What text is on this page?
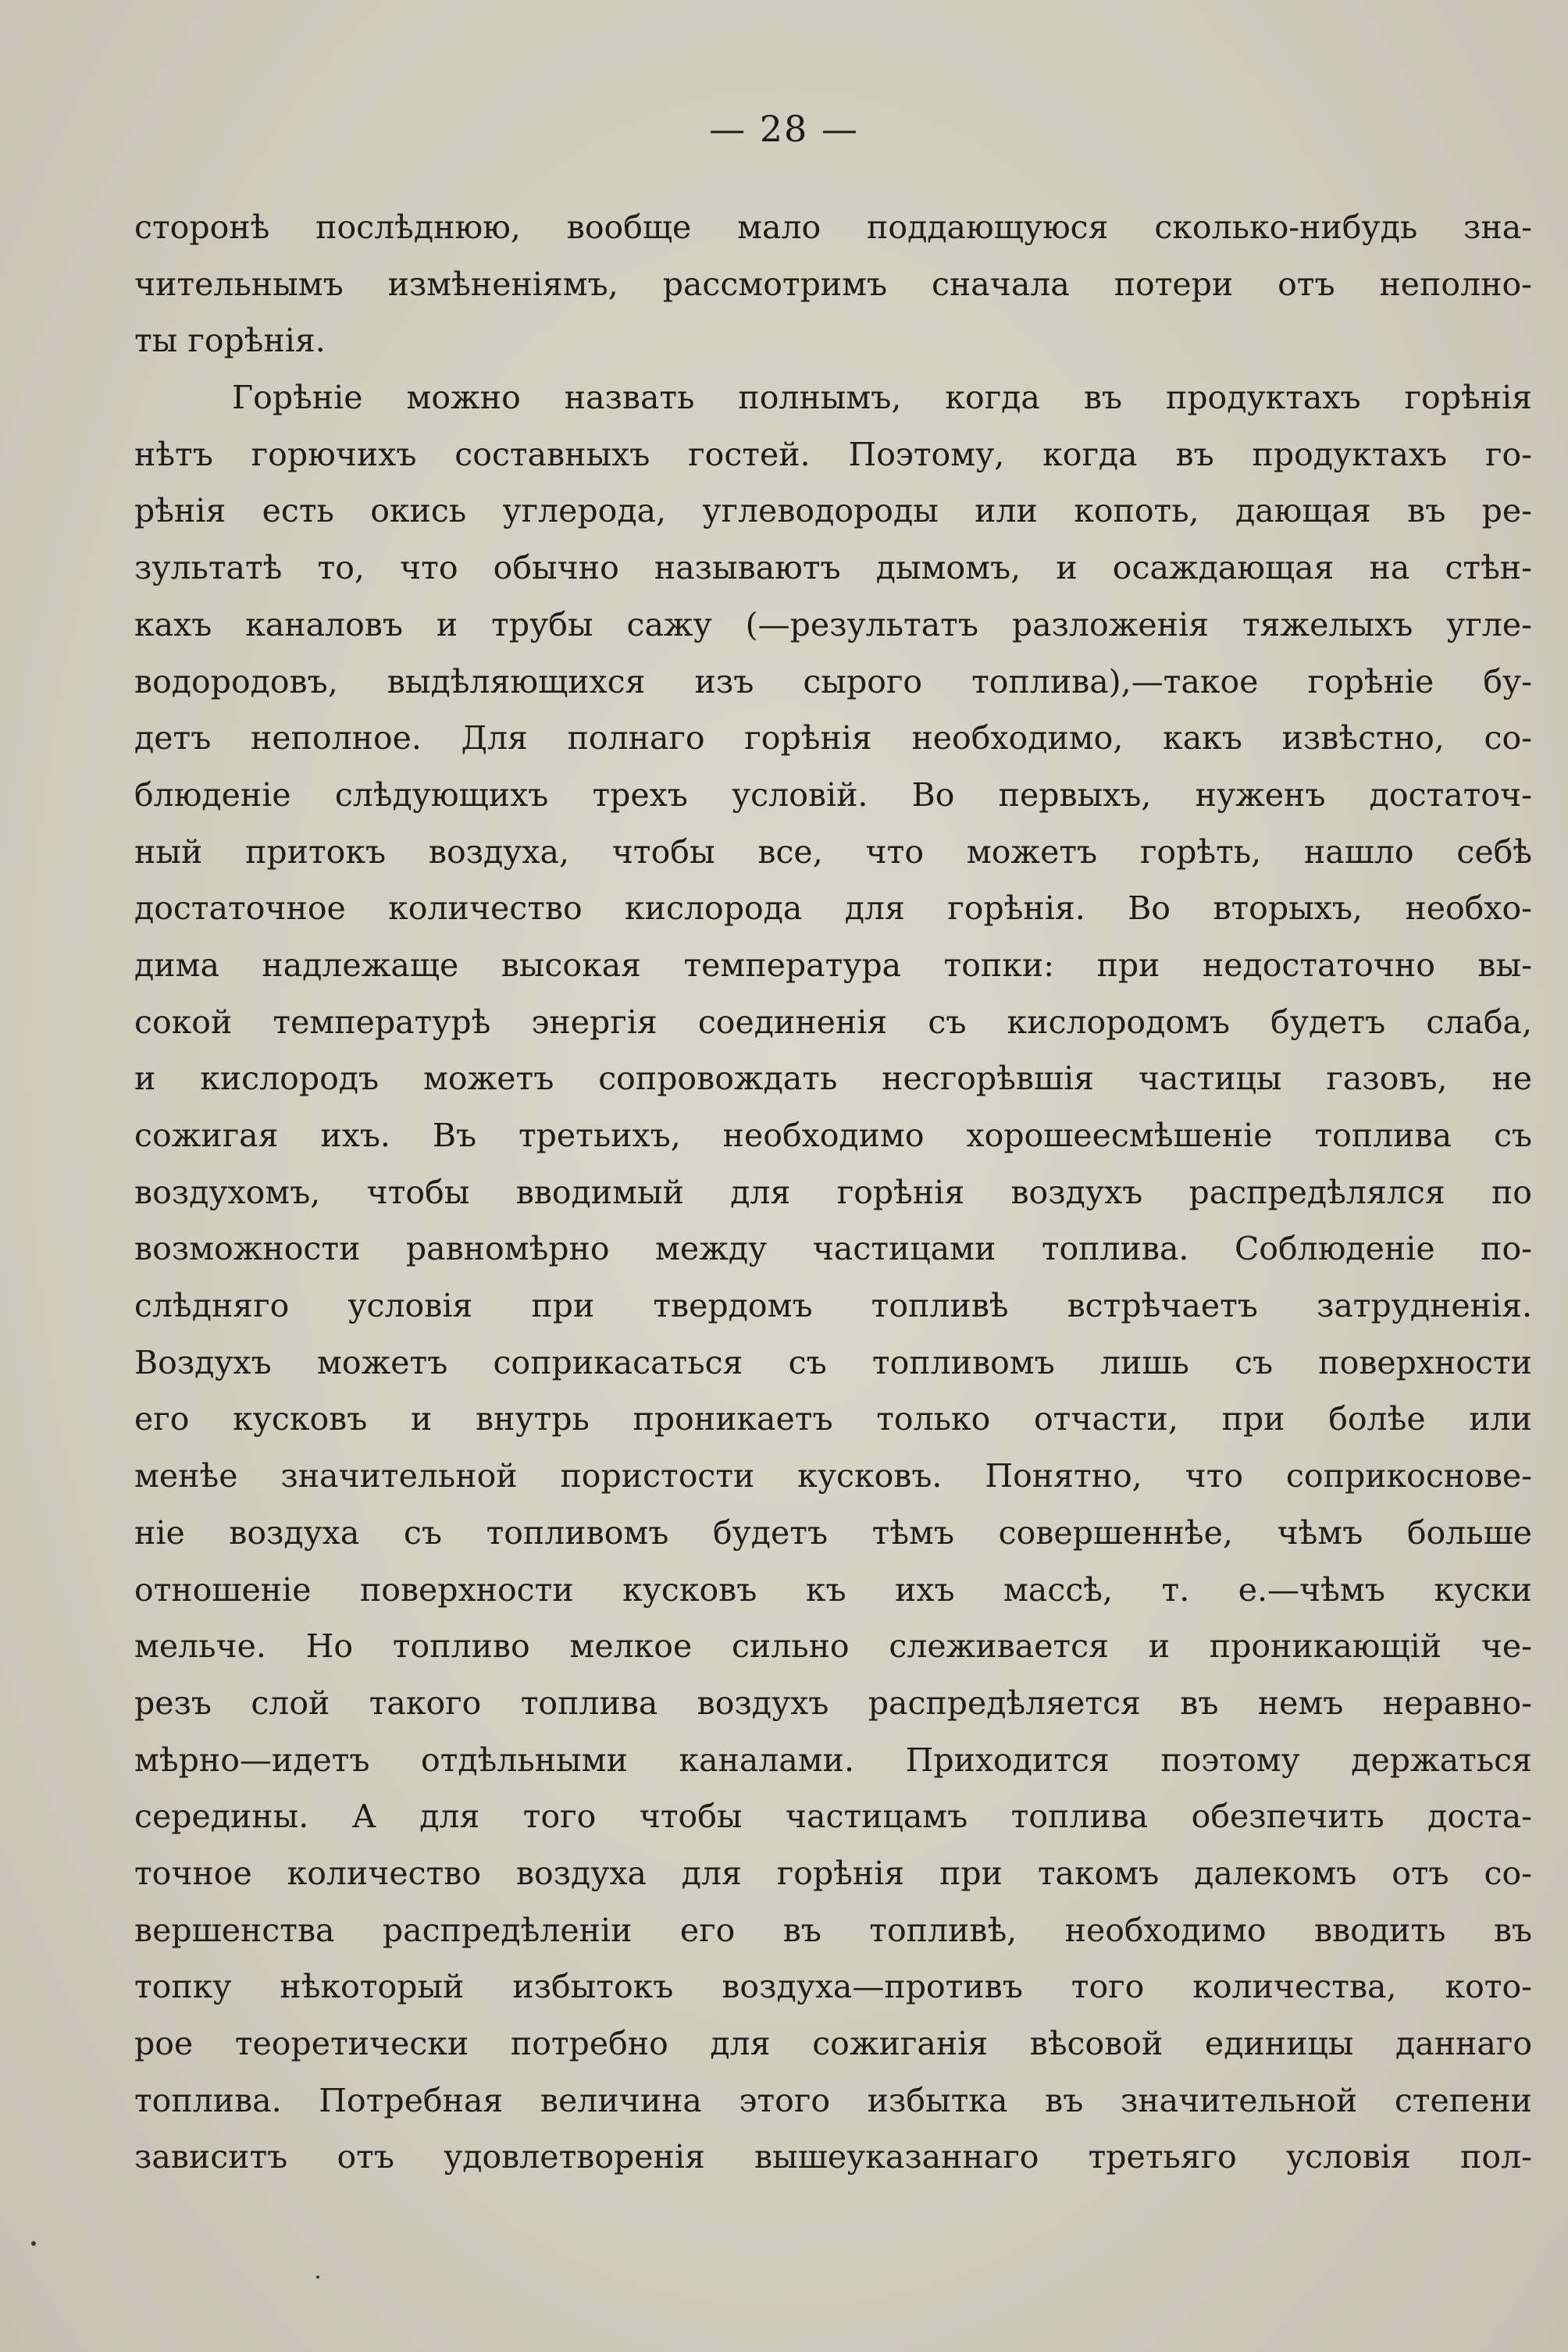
— 28 —
сторонѣ послѣднюю, вообще мало поддающуюся сколько-нибудь зна-
чительнымъ измѣненіямъ, рассмотримъ сначала потери отъ неполно-
ты горѣнія.
Горѣніе можно назвать полнымъ, когда въ продуктахъ горѣнія
нѣтъ горючихъ составныхъ гостей. Поэтому, когда въ продуктахъ го-
рѣнія есть окись углерода, углеводороды или копоть, дающая въ ре-
зультатѣ то, что обычно называютъ дымомъ, и осаждающая на стѣн-
кахъ каналовъ и трубы сажу (—результатъ разложенія тяжелыхъ угле-
водородовъ, выдѣляющихся изъ сырого топлива),—такое горѣніе бу-
детъ неполное. Для полнаго горѣнія необходимо, какъ извѣстно, со-
блюденіе слѣдующихъ трехъ условій. Во первыхъ, нуженъ достаточ-
ный притокъ воздуха, чтобы все, что можетъ горѣть, нашло себѣ
достаточное количество кислорода для горѣнія. Во вторыхъ, необхо-
дима надлежаще высокая температура топки: при недостаточно вы-
сокой температурѣ энергія соединенія съ кислородомъ будетъ слаба,
и кислородъ можетъ сопровождать несгорѣвшія частицы газовъ, не
сожигая ихъ. Въ третьихъ, необходимо хорошееcмѣшеніе топлива съ
воздухомъ, чтобы вводимый для горѣнія воздухъ распредѣлялся по
возможности равномѣрно между частицами топлива. Соблюденіе по-
слѣдняго условія при твердомъ топливѣ встрѣчаетъ затрудненія.
Воздухъ можетъ соприкасаться съ топливомъ лишь съ поверхности
его кусковъ и внутрь проникаетъ только отчасти, при болѣе или
менѣе значительной пористости кусковъ. Понятно, что соприкоснове-
ніе воздуха съ топливомъ будетъ тѣмъ совершеннѣе, чѣмъ больше
отношеніе поверхности кусковъ къ ихъ массѣ, т. е.—чѣмъ куски
мельче. Но топливо мелкое сильно слеживается и проникающій че-
резъ слой такого топлива воздухъ распредѣляется въ немъ неравно-
мѣрно—идетъ отдѣльными каналами. Приходится поэтому держаться
середины. А для того чтобы частицамъ топлива обезпечить доста-
точное количество воздуха для горѣнія при такомъ далекомъ отъ со-
вершенства распредѣленіи его въ топливѣ, необходимо вводить въ
топку нѣкоторый избытокъ воздуха—противъ того количества, кото-
рое теоретически потребно для сожиганія вѣсовой единицы даннаго
топлива. Потребная величина этого избытка въ значительной степени
зависитъ отъ удовлетворенія вышеуказаннаго третьяго условія пол-
